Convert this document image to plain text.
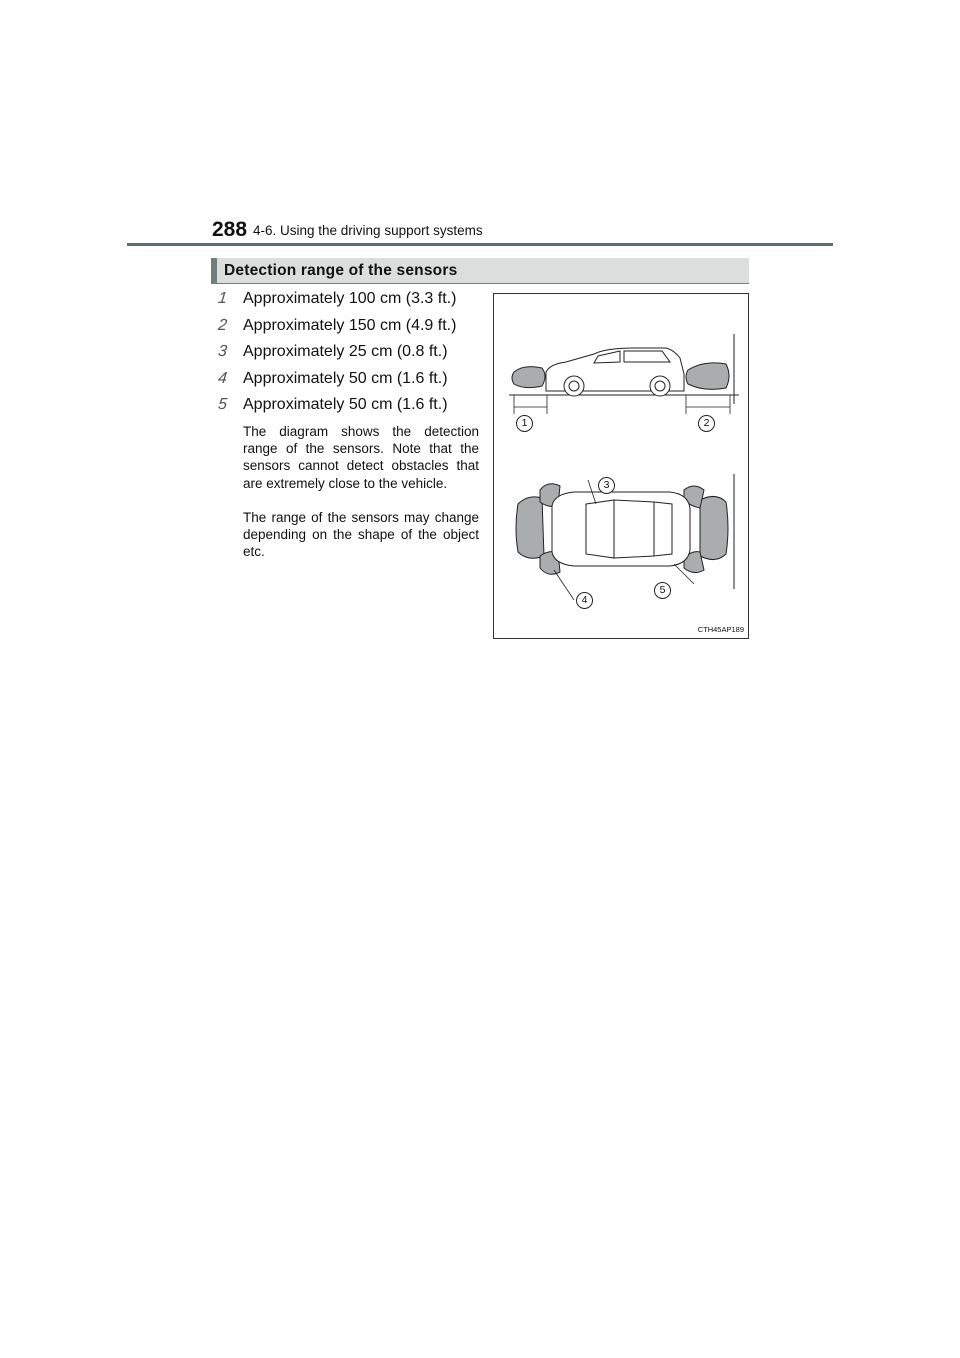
288 4-6. Using the driving support systems
Detection range of the sensors
1 Approximately 100 cm (3.3 ft.)
2 Approximately 150 cm (4.9 ft.)
3 Approximately 25 cm (0.8 ft.)
4 Approximately 50 cm (1.6 ft.)
5 Approximately 50 cm (1.6 ft.)
The diagram shows the detection range of the sensors. Note that the sensors cannot detect obstacles that are extremely close to the vehicle.
The range of the sensors may change depending on the shape of the object etc.
1	2
3
4
5
CTH45AP189
